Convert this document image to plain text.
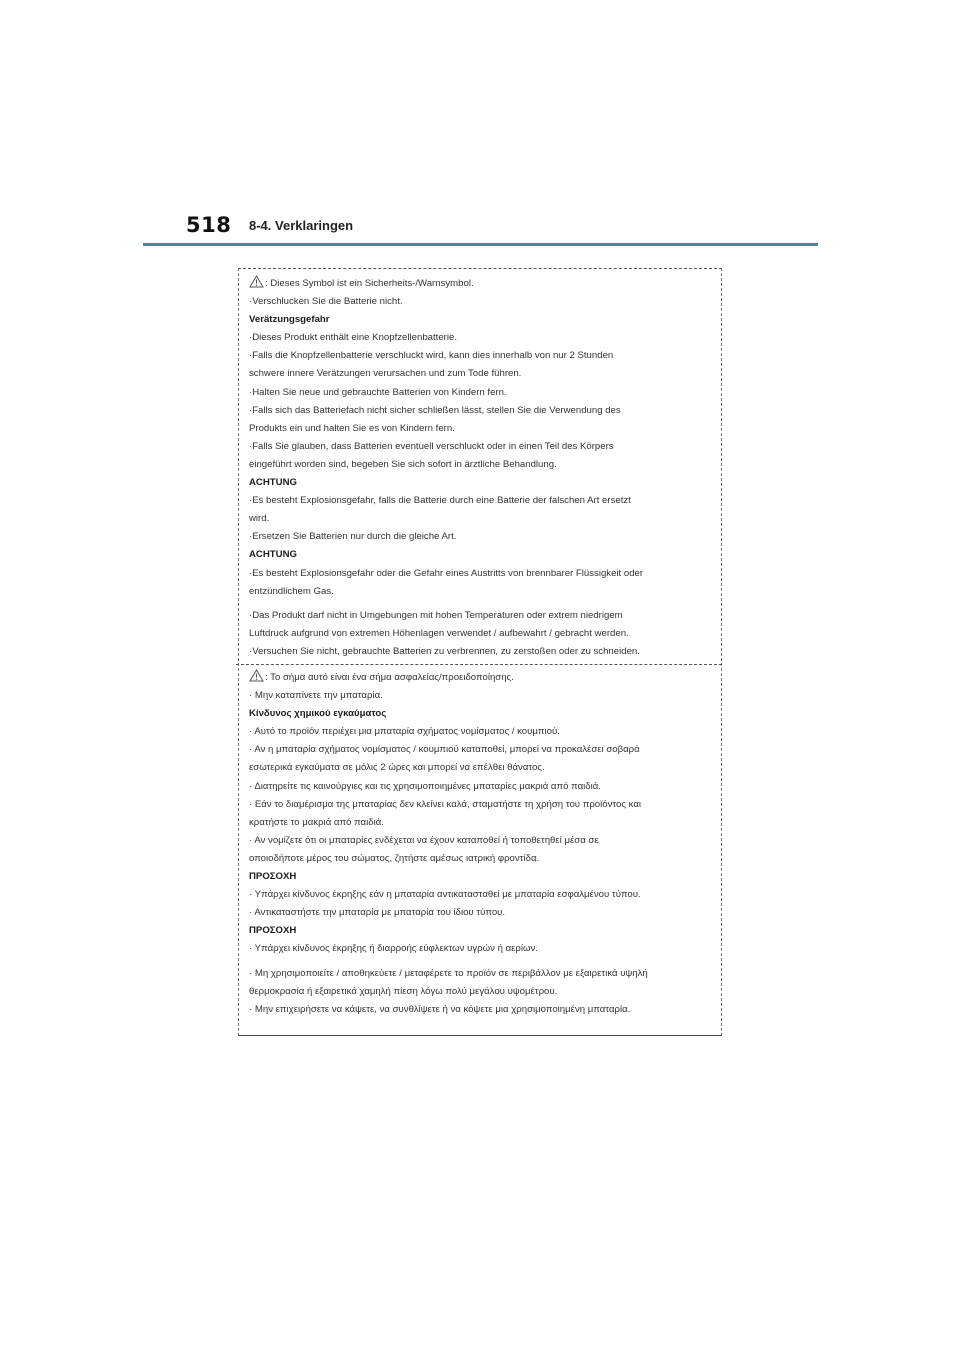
518 8-4. Verklaringen
: Dieses Symbol ist ein Sicherheits-/Warnsymbol.
·Verschlucken Sie die Batterie nicht.
Verätzungsgefahr
·Dieses Produkt enthält eine Knopfzellenbatterie.
·Falls die Knopfzellenbatterie verschluckt wird, kann dies innerhalb von nur 2 Stunden
schwere innere Verätzungen verursachen und zum Tode führen.
·Halten Sie neue und gebrauchte Batterien von Kindern fern.
·Falls sich das Batteriefach nicht sicher schließen lässt, stellen Sie die Verwendung des
Produkts ein und halten Sie es von Kindern fern.
·Falls Sie glauben, dass Batterien eventuell verschluckt oder in einen Teil des Körpers
eingeführt worden sind, begeben Sie sich sofort in ärztliche Behandlung.
ACHTUNG
·Es besteht Explosionsgefahr, falls die Batterie durch eine Batterie der falschen Art ersetzt
wird.
·Ersetzen Sie Batterien nur durch die gleiche Art.
ACHTUNG
·Es besteht Explosionsgefahr oder die Gefahr eines Austritts von brennbarer Flüssigkeit oder
entzündlichem Gas.
·Das Produkt darf nicht in Umgebungen mit hohen Temperaturen oder extrem niedrigem
Luftdruck aufgrund von extremen Höhenlagen verwendet / aufbewahrt / gebracht werden.
·Versuchen Sie nicht, gebrauchte Batterien zu verbrennen, zu zerstoßen oder zu schneiden.
: Το σήμα αυτό είναι ένα σήμα ασφαλείας/προειδοποίησης.
· Μην καταπίνετε την μπαταρία.
Κίνδυνος χημικού εγκαύματος
· Αυτό το προϊόν περιέχει μια μπαταρία σχήματος νομίσματος / κουμπιού.
· Αν η μπαταρία σχήματος νομίσματος / κουμπιού καταποθεί, μπορεί να προκαλέσει σοβαρά
εσωτερικά εγκαύματα σε μόλις 2 ώρες και μπορεί να επέλθει θάνατος.
· Διατηρείτε τις καινούργιες και τις χρησιμοποιημένες μπαταρίες μακριά από παιδιά.
· Εάν το διαμέρισμα της μπαταρίας δεν κλείνει καλά, σταματήστε τη χρήση του προϊόντος και
κρατήστε το μακριά από παιδιά.
· Αν νομίζετε ότι οι μπαταρίες ενδέχεται να έχουν καταποθεί ή τοποθετηθεί μέσα σε
οποιοδήποτε μέρος του σώματος, ζητήστε αμέσως ιατρική φροντίδα.
ΠΡΟΣΟΧΗ
· Υπάρχει κίνδυνος έκρηξης εάν η μπαταρία αντικατασταθεί με μπαταρία εσφαλμένου τύπου.
· Αντικαταστήστε την μπαταρία με μπαταρία του ίδιου τύπου.
ΠΡΟΣΟΧΗ
· Υπάρχει κίνδυνος έκρηξης ή διαρροής εύφλεκτων υγρών ή αερίων.
· Μη χρησιμοποιείτε / αποθηκεύετε / μεταφέρετε το προϊόν σε περιβάλλον με εξαιρετικά υψηλή
θερμοκρασία ή εξαιρετικά χαμηλή πίεση λόγω πολύ μεγάλου υψομέτρου.
· Μην επιχειρήσετε να κάψετε, να συνθλίψετε ή να κόψετε μια χρησιμοποιημένη μπαταρία.
